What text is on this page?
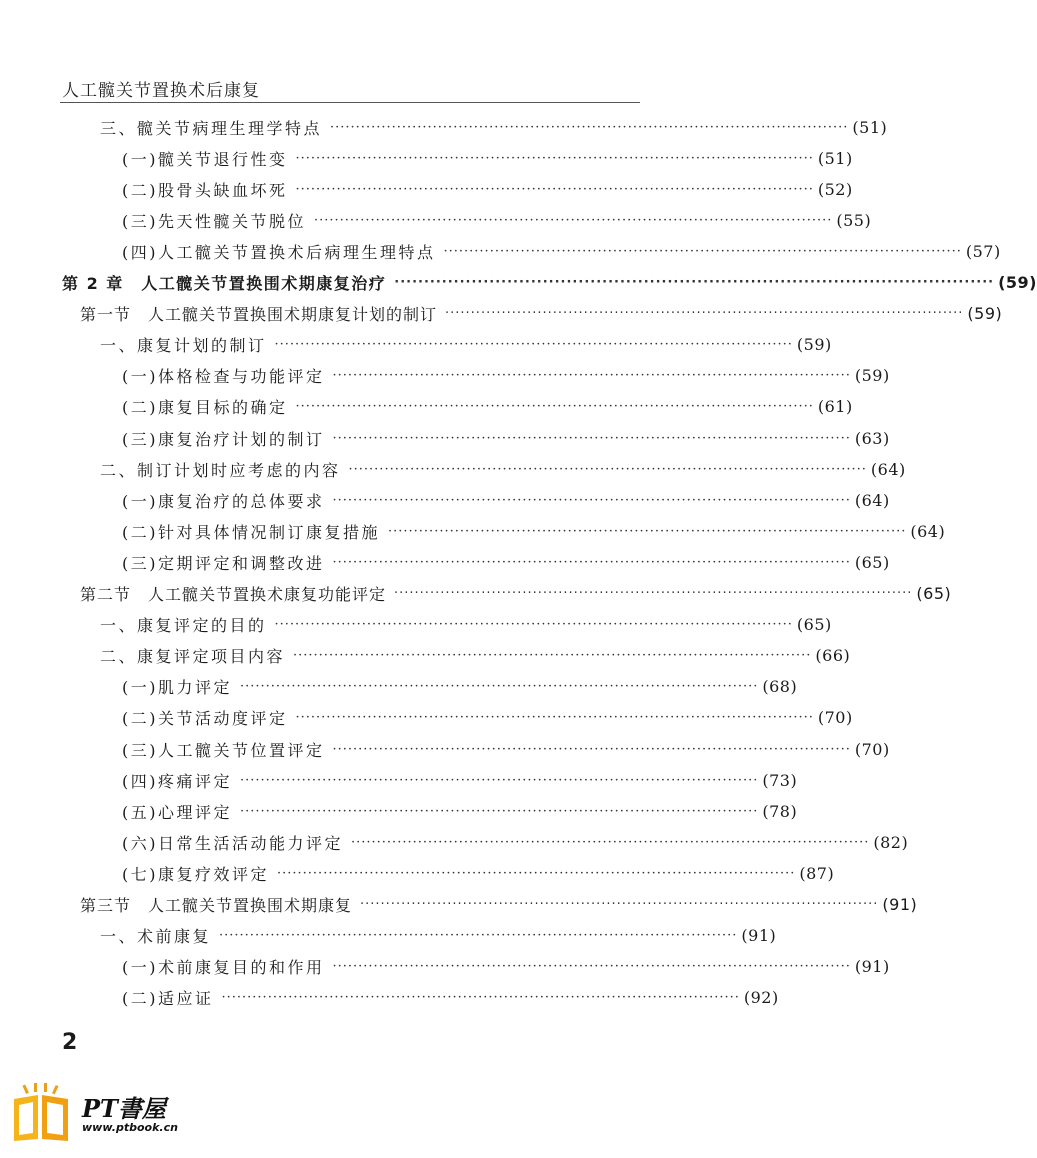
人工髋关节置换术后康复
三、髋关节病理生理学特点 ····································································································· (51)
(一)髋关节退行性变 ····································································································· (51)
(二)股骨头缺血坏死 ····································································································· (52)
(三)先天性髋关节脱位 ····································································································· (55)
(四)人工髋关节置换术后病理生理特点 ····································································································· (57)
第 2 章　人工髋关节置换围术期康复治疗 ····································································································· (59)
第一节　人工髋关节置换围术期康复计划的制订 ····································································································· (59)
一、康复计划的制订 ····································································································· (59)
(一)体格检查与功能评定 ····································································································· (59)
(二)康复目标的确定 ····································································································· (61)
(三)康复治疗计划的制订 ····································································································· (63)
二、制订计划时应考虑的内容 ····································································································· (64)
(一)康复治疗的总体要求 ····································································································· (64)
(二)针对具体情况制订康复措施 ····································································································· (64)
(三)定期评定和调整改进 ····································································································· (65)
第二节　人工髋关节置换术康复功能评定 ····································································································· (65)
一、康复评定的目的 ····································································································· (65)
二、康复评定项目内容 ····································································································· (66)
(一)肌力评定 ····································································································· (68)
(二)关节活动度评定 ····································································································· (70)
(三)人工髋关节位置评定 ····································································································· (70)
(四)疼痛评定 ····································································································· (73)
(五)心理评定 ····································································································· (78)
(六)日常生活活动能力评定 ····································································································· (82)
(七)康复疗效评定 ····································································································· (87)
第三节　人工髋关节置换围术期康复 ····································································································· (91)
一、术前康复 ····································································································· (91)
(一)术前康复目的和作用 ····································································································· (91)
(二)适应证 ····································································································· (92)
2
PT書屋
www.ptbook.cn
